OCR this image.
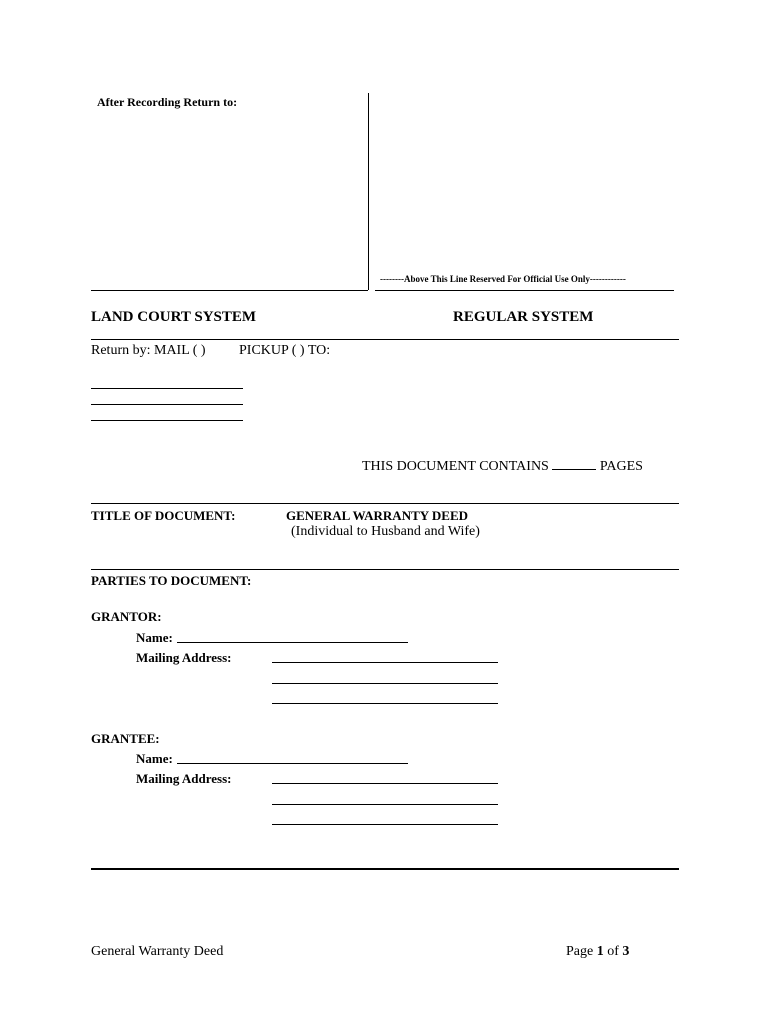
After Recording Return to:
--------Above This Line Reserved For Official Use Only------------
LAND COURT SYSTEM	REGULAR SYSTEM
Return by: MAIL ( ) PICKUP ( ) TO:
THIS DOCUMENT CONTAINS	PAGES
TITLE OF DOCUMENT:	GENERAL WARRANTY DEED
(Individual to Husband and Wife)
PARTIES TO DOCUMENT:
GRANTOR:
Name:
Mailing Address:
GRANTEE:
Name:
Mailing Address:
General Warranty Deed	Page 1 of 3
